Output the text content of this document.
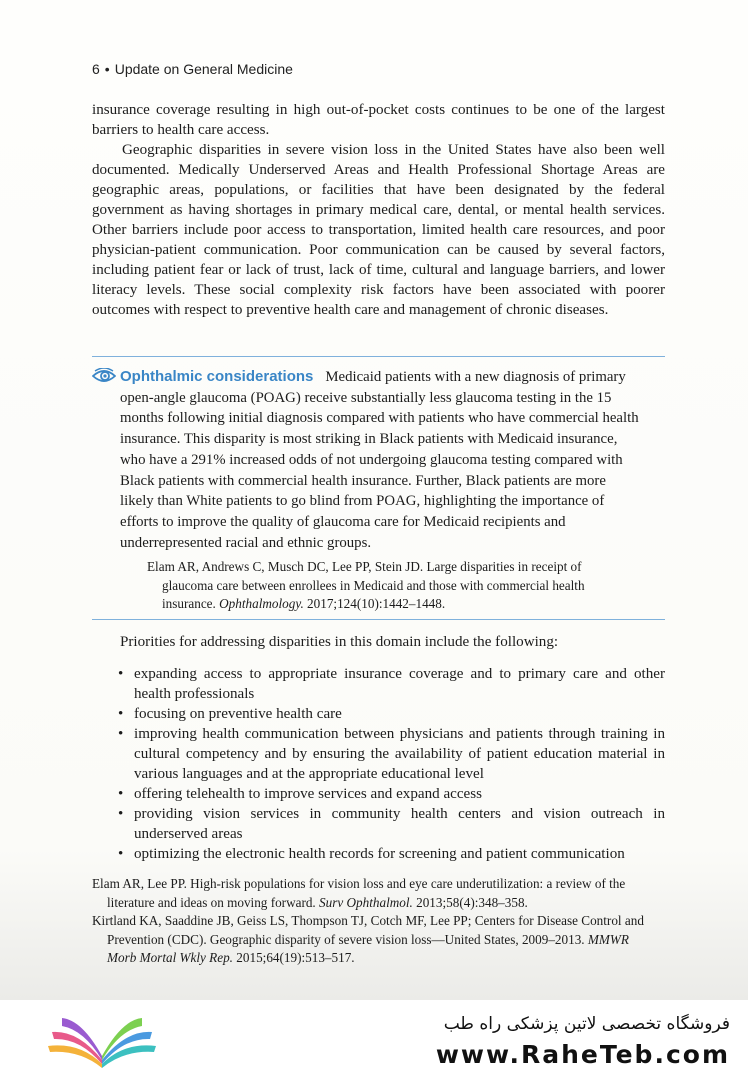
6 • Update on General Medicine

insurance coverage resulting in high out-of-pocket costs continues to be one of the largest barriers to health care access.

Geographic disparities in severe vision loss in the United States have also been well documented. Medically Underserved Areas and Health Professional Shortage Areas are geographic areas, populations, or facilities that have been designated by the federal government as having shortages in primary medical care, dental, or mental health services. Other barriers include poor access to transportation, limited health care resources, and poor physician-patient communication. Poor communication can be caused by several factors, including patient fear or lack of trust, lack of time, cultural and language barriers, and lower literacy levels. These social complexity risk factors have been associated with poorer outcomes with respect to preventive health care and management of chronic diseases.

Ophthalmic considerations Medicaid patients with a new diagnosis of primary open-angle glaucoma (POAG) receive substantially less glaucoma testing in the 15 months following initial diagnosis compared with patients who have commercial health insurance. This disparity is most striking in Black patients with Medicaid insurance, who have a 291% increased odds of not undergoing glaucoma testing compared with Black patients with commercial health insurance. Further, Black patients are more likely than White patients to go blind from POAG, highlighting the importance of efforts to improve the quality of glaucoma care for Medicaid recipients and underrepresented racial and ethnic groups.

Elam AR, Andrews C, Musch DC, Lee PP, Stein JD. Large disparities in receipt of glaucoma care between enrollees in Medicaid and those with commercial health insurance. Ophthalmology. 2017;124(10):1442–1448.

Priorities for addressing disparities in this domain include the following:
• expanding access to appropriate insurance coverage and to primary care and other health professionals
• focusing on preventive health care
• improving health communication between physicians and patients through training in cultural competency and by ensuring the availability of patient education material in various languages and at the appropriate educational level
• offering telehealth to improve services and expand access
• providing vision services in community health centers and vision outreach in underserved areas
• optimizing the electronic health records for screening and patient communication

Elam AR, Lee PP. High-risk populations for vision loss and eye care underutilization: a review of the literature and ideas on moving forward. Surv Ophthalmol. 2013;58(4):348–358.

Kirtland KA, Saaddine JB, Geiss LS, Thompson TJ, Cotch MF, Lee PP; Centers for Disease Control and Prevention (CDC). Geographic disparity of severe vision loss—United States, 2009–2013. MMWR Morb Mortal Wkly Rep. 2015;64(19):513–517.

فروشگاه تخصصی لاتین پزشکی راه طب
www.RaheTeb.com
